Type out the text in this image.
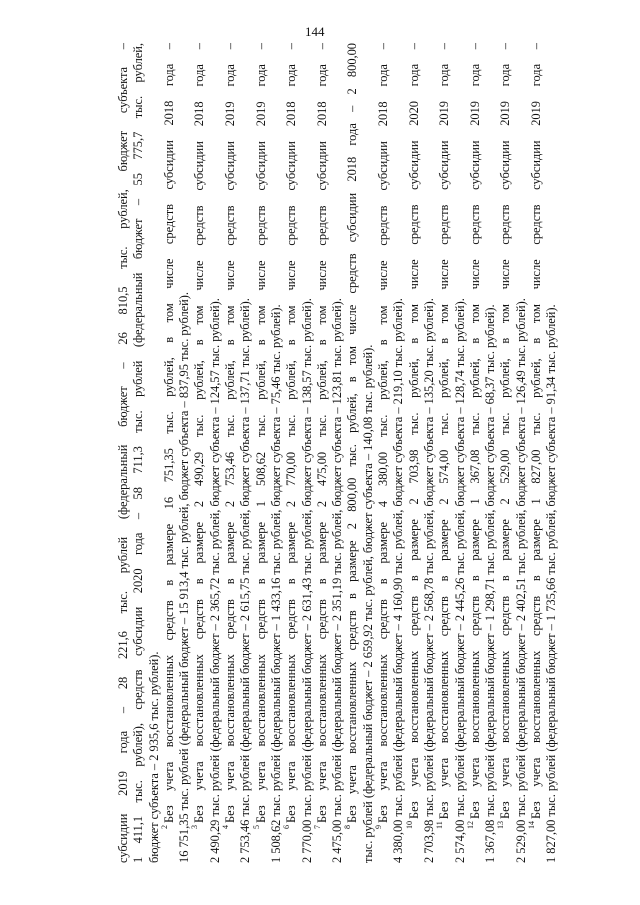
144
субсидии 2019 года – 28 221,6 тыс. рублей (федеральный бюджет – 26 810,5 тыс. рублей, бюджет субъекта – 1 411,1 тыс. рублей), средств субсидии 2020 года – 58 711,3 тыс. рублей (федеральный бюджет – 55 775,7 тыс. рублей, бюджет субъекта – 2 935,6 тыс. рублей). $^2$Без учета восстановленных средств в размере 16 751,35 тыс. рублей, в том числе средств субсидии 2018 года – 16 751,35 тыс. рублей (федеральный бюджет – 15 913,4 тыс. рублей, бюджет субъекта – 837,95 тыс. рублей). $^3$Без учета восстановленных средств в размере 2 490,29 тыс. рублей, в том числе средств субсидии 2018 года – 2 490,29 тыс. рублей (федеральный бюджет – 2 365,72 тыс. рублей, бюджет субъекта – 124,57 тыс. рублей). $^4$Без учета восстановленных средств в размере 2 753,46 тыс. рублей, в том числе средств субсидии 2019 года – 2 753,46 тыс. рублей (федеральный бюджет – 2 615,75 тыс. рублей, бюджет субъекта – 137,71 тыс. рублей). $^5$Без учета восстановленных средств в размере 1 508,62 тыс. рублей, в том числе средств субсидии 2019 года – 1 508,62 тыс. рублей (федеральный бюджет – 1 433,16 тыс. рублей, бюджет субъекта – 75,46 тыс. рублей). $^6$Без учета восстановленных средств в размере 2 770,00 тыс. рублей, в том числе средств субсидии 2018 года – 2 770,00 тыс. рублей (федеральный бюджет – 2 631,43 тыс. рублей, бюджет субъекта – 138,57 тыс. рублей). $^7$Без учета восстановленных средств в размере 2 475,00 тыс. рублей, в том числе средств субсидии 2018 года – 2 475,00 тыс. рублей (федеральный бюджет – 2 351,19 тыс. рублей, бюджет субъекта – 123,81 тыс. рублей). $^8$Без учета восстановленных средств в размере 2 800,00 тыс. рублей, в том числе средств субсидии 2018 года – 2 800,00 тыс. рублей (федеральный бюджет – 2 659,92 тыс. рублей, бюджет субъекта – 140,08 тыс. рублей). $^9$Без учета восстановленных средств в размере 4 380,00 тыс. рублей, в том числе средств субсидии 2018 года – 4 380,00 тыс. рублей (федеральный бюджет – 4 160,90 тыс. рублей, бюджет субъекта – 219,10 тыс. рублей). $^{10}$Без учета восстановленных средств в размере 2 703,98 тыс. рублей, в том числе средств субсидии 2020 года – 2 703,98 тыс. рублей (федеральный бюджет – 2 568,78 тыс. рублей, бюджет субъекта – 135,20 тыс. рублей). $^{11}$Без учета восстановленных средств в размере 2 574,00 тыс. рублей, в том числе средств субсидии 2019 года – 2 574,00 тыс. рублей (федеральный бюджет – 2 445,26 тыс. рублей, бюджет субъекта – 128,74 тыс. рублей). $^{12}$Без учета восстановленных средств в размере 1 367,08 тыс. рублей, в том числе средств субсидии 2019 года – 1 367,08 тыс. рублей (федеральный бюджет – 1 298,71 тыс. рублей, бюджет субъекта – 68,37 тыс. рублей). $^{13}$Без учета восстановленных средств в размере 2 529,00 тыс. рублей, в том числе средств субсидии 2019 года – 2 529,00 тыс. рублей (федеральный бюджет – 2 402,51 тыс. рублей, бюджет субъекта – 126,49 тыс. рублей). $^{14}$Без учета восстановленных средств в размере 1 827,00 тыс. рублей, в том числе средств субсидии 2019 года – 1 827,00 тыс. рублей (федеральный бюджет – 1 735,66 тыс. рублей, бюджет субъекта – 91,34 тыс. рублей).
